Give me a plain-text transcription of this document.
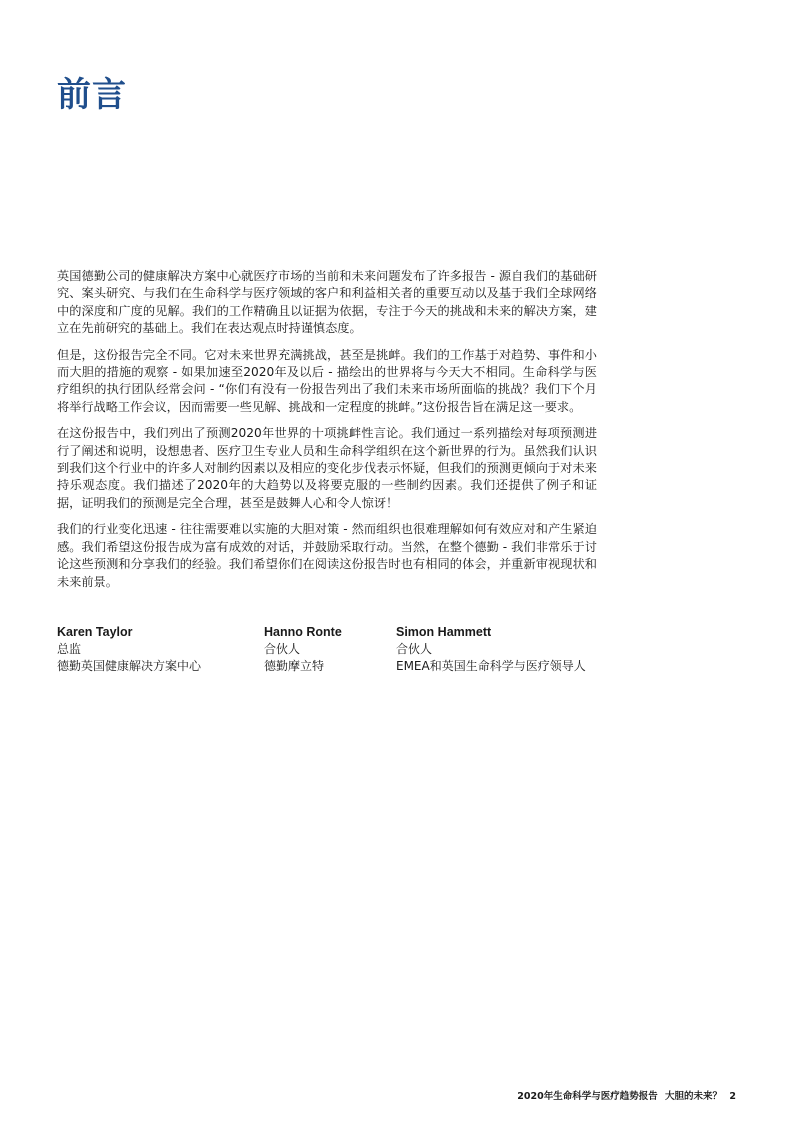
前言

英国德勤公司的健康解决方案中心就医疗市场的当前和未来问题发布了许多报告 - 源自我们的基础研究、案头研究、与我们在生命科学与医疗领域的客户和利益相关者的重要互动以及基于我们全球网络中的深度和广度的见解。我们的工作精确且以证据为依据，专注于今天的挑战和未来的解决方案，建立在先前研究的基础上。我们在表达观点时持谨慎态度。

但是，这份报告完全不同。它对未来世界充满挑战，甚至是挑衅。我们的工作基于对趋势、事件和小而大胆的措施的观察 - 如果加速至2020年及以后 - 描绘出的世界将与今天大不相同。生命科学与医疗组织的执行团队经常会问 - “你们有没有一份报告列出了我们未来市场所面临的挑战？我们下个月将举行战略工作会议，因而需要一些见解、挑战和一定程度的挑衅。”这份报告旨在满足这一要求。

在这份报告中，我们列出了预测2020年世界的十项挑衅性言论。我们通过一系列描绘对每项预测进行了阐述和说明，设想患者、医疗卫生专业人员和生命科学组织在这个新世界的行为。虽然我们认识到我们这个行业中的许多人对制约因素以及相应的变化步伐表示怀疑，但我们的预测更倾向于对未来持乐观态度。我们描述了2020年的大趋势以及将要克服的一些制约因素。我们还提供了例子和证据，证明我们的预测是完全合理，甚至是鼓舞人心和令人惊讶！

我们的行业变化迅速 - 往往需要难以实施的大胆对策 - 然而组织也很难理解如何有效应对和产生紧迫感。我们希望这份报告成为富有成效的对话，并鼓励采取行动。当然，在整个德勤 - 我们非常乐于讨论这些预测和分享我们的经验。我们希望你们在阅读这份报告时也有相同的体会，并重新审视现状和未来前景。

Karen Taylor
总监
德勤英国健康解决方案中心
Hanno Ronte
合伙人
德勤摩立特
Simon Hammett
合伙人
EMEA和英国生命科学与医疗领导人
2020年生命科学与医疗趋势报告 大胆的未来？ 2
